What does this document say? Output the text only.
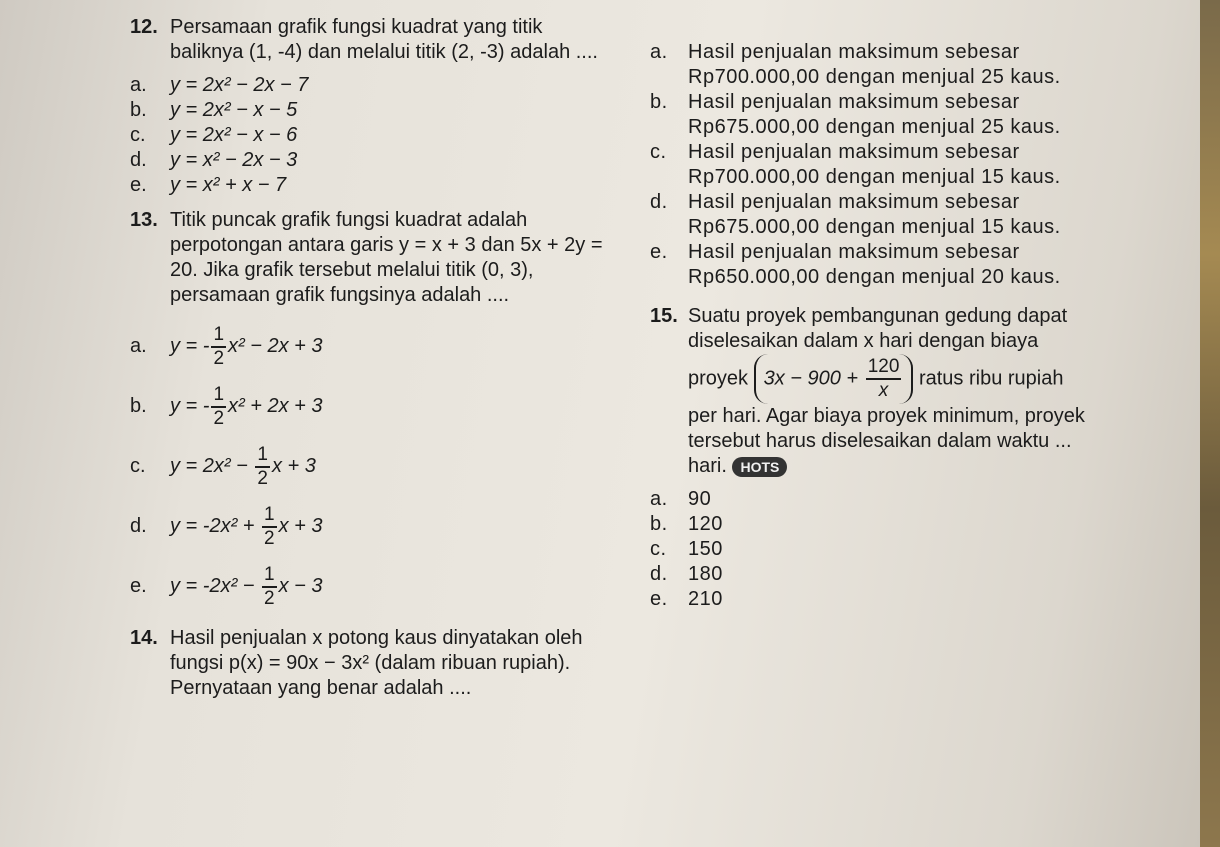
12. Persamaan grafik fungsi kuadrat yang titik baliknya (1, -4) dan melalui titik (2, -3) adalah ....
a. y = 2x² − 2x − 7
b. y = 2x² − x − 5
c. y = 2x² − x − 6
d. y = x² − 2x − 3
e. y = x² + x − 7
13. Titik puncak grafik fungsi kuadrat adalah perpotongan antara garis y = x + 3 dan 5x + 2y = 20. Jika grafik tersebut melalui titik (0, 3), persamaan grafik fungsinya adalah ....
a. y = - $\frac{1}{2} x^2 - 2x + 3$
b. y = - $\frac{1}{2} x^2 + 2x + 3$
c. $y = 2x^2 - \frac{1}{2}$ x + 3
d. $y = -2x^2 + \frac{1}{2}$ x + 3
e. $y = -2x^2 - \frac{1}{2}$ x − 3
14. Hasil penjualan x potong kaus dinyatakan oleh fungsi p(x) = 90x − 3x² (dalam ribuan rupiah). Pernyataan yang benar adalah ....
a. Hasil penjualan maksimum sebesar Rp700.000,00 dengan menjual 25 kaus.
b. Hasil penjualan maksimum sebesar Rp675.000,00 dengan menjual 25 kaus.
c. Hasil penjualan maksimum sebesar Rp700.000,00 dengan menjual 15 kaus.
d. Hasil penjualan maksimum sebesar Rp675.000,00 dengan menjual 15 kaus.
e. Hasil penjualan maksimum sebesar Rp650.000,00 dengan menjual 20 kaus.
15. Suatu proyek pembangunan gedung dapat diselesaikan dalam x hari dengan biaya proyek $3x - 900 + \frac{120}{x}$ ratus ribu rupiah per hari. Agar biaya proyek minimum, proyek tersebut harus diselesaikan dalam waktu ... hari. HOTS
a. 90
b. 120
c. 150
d. 180
e. 210
